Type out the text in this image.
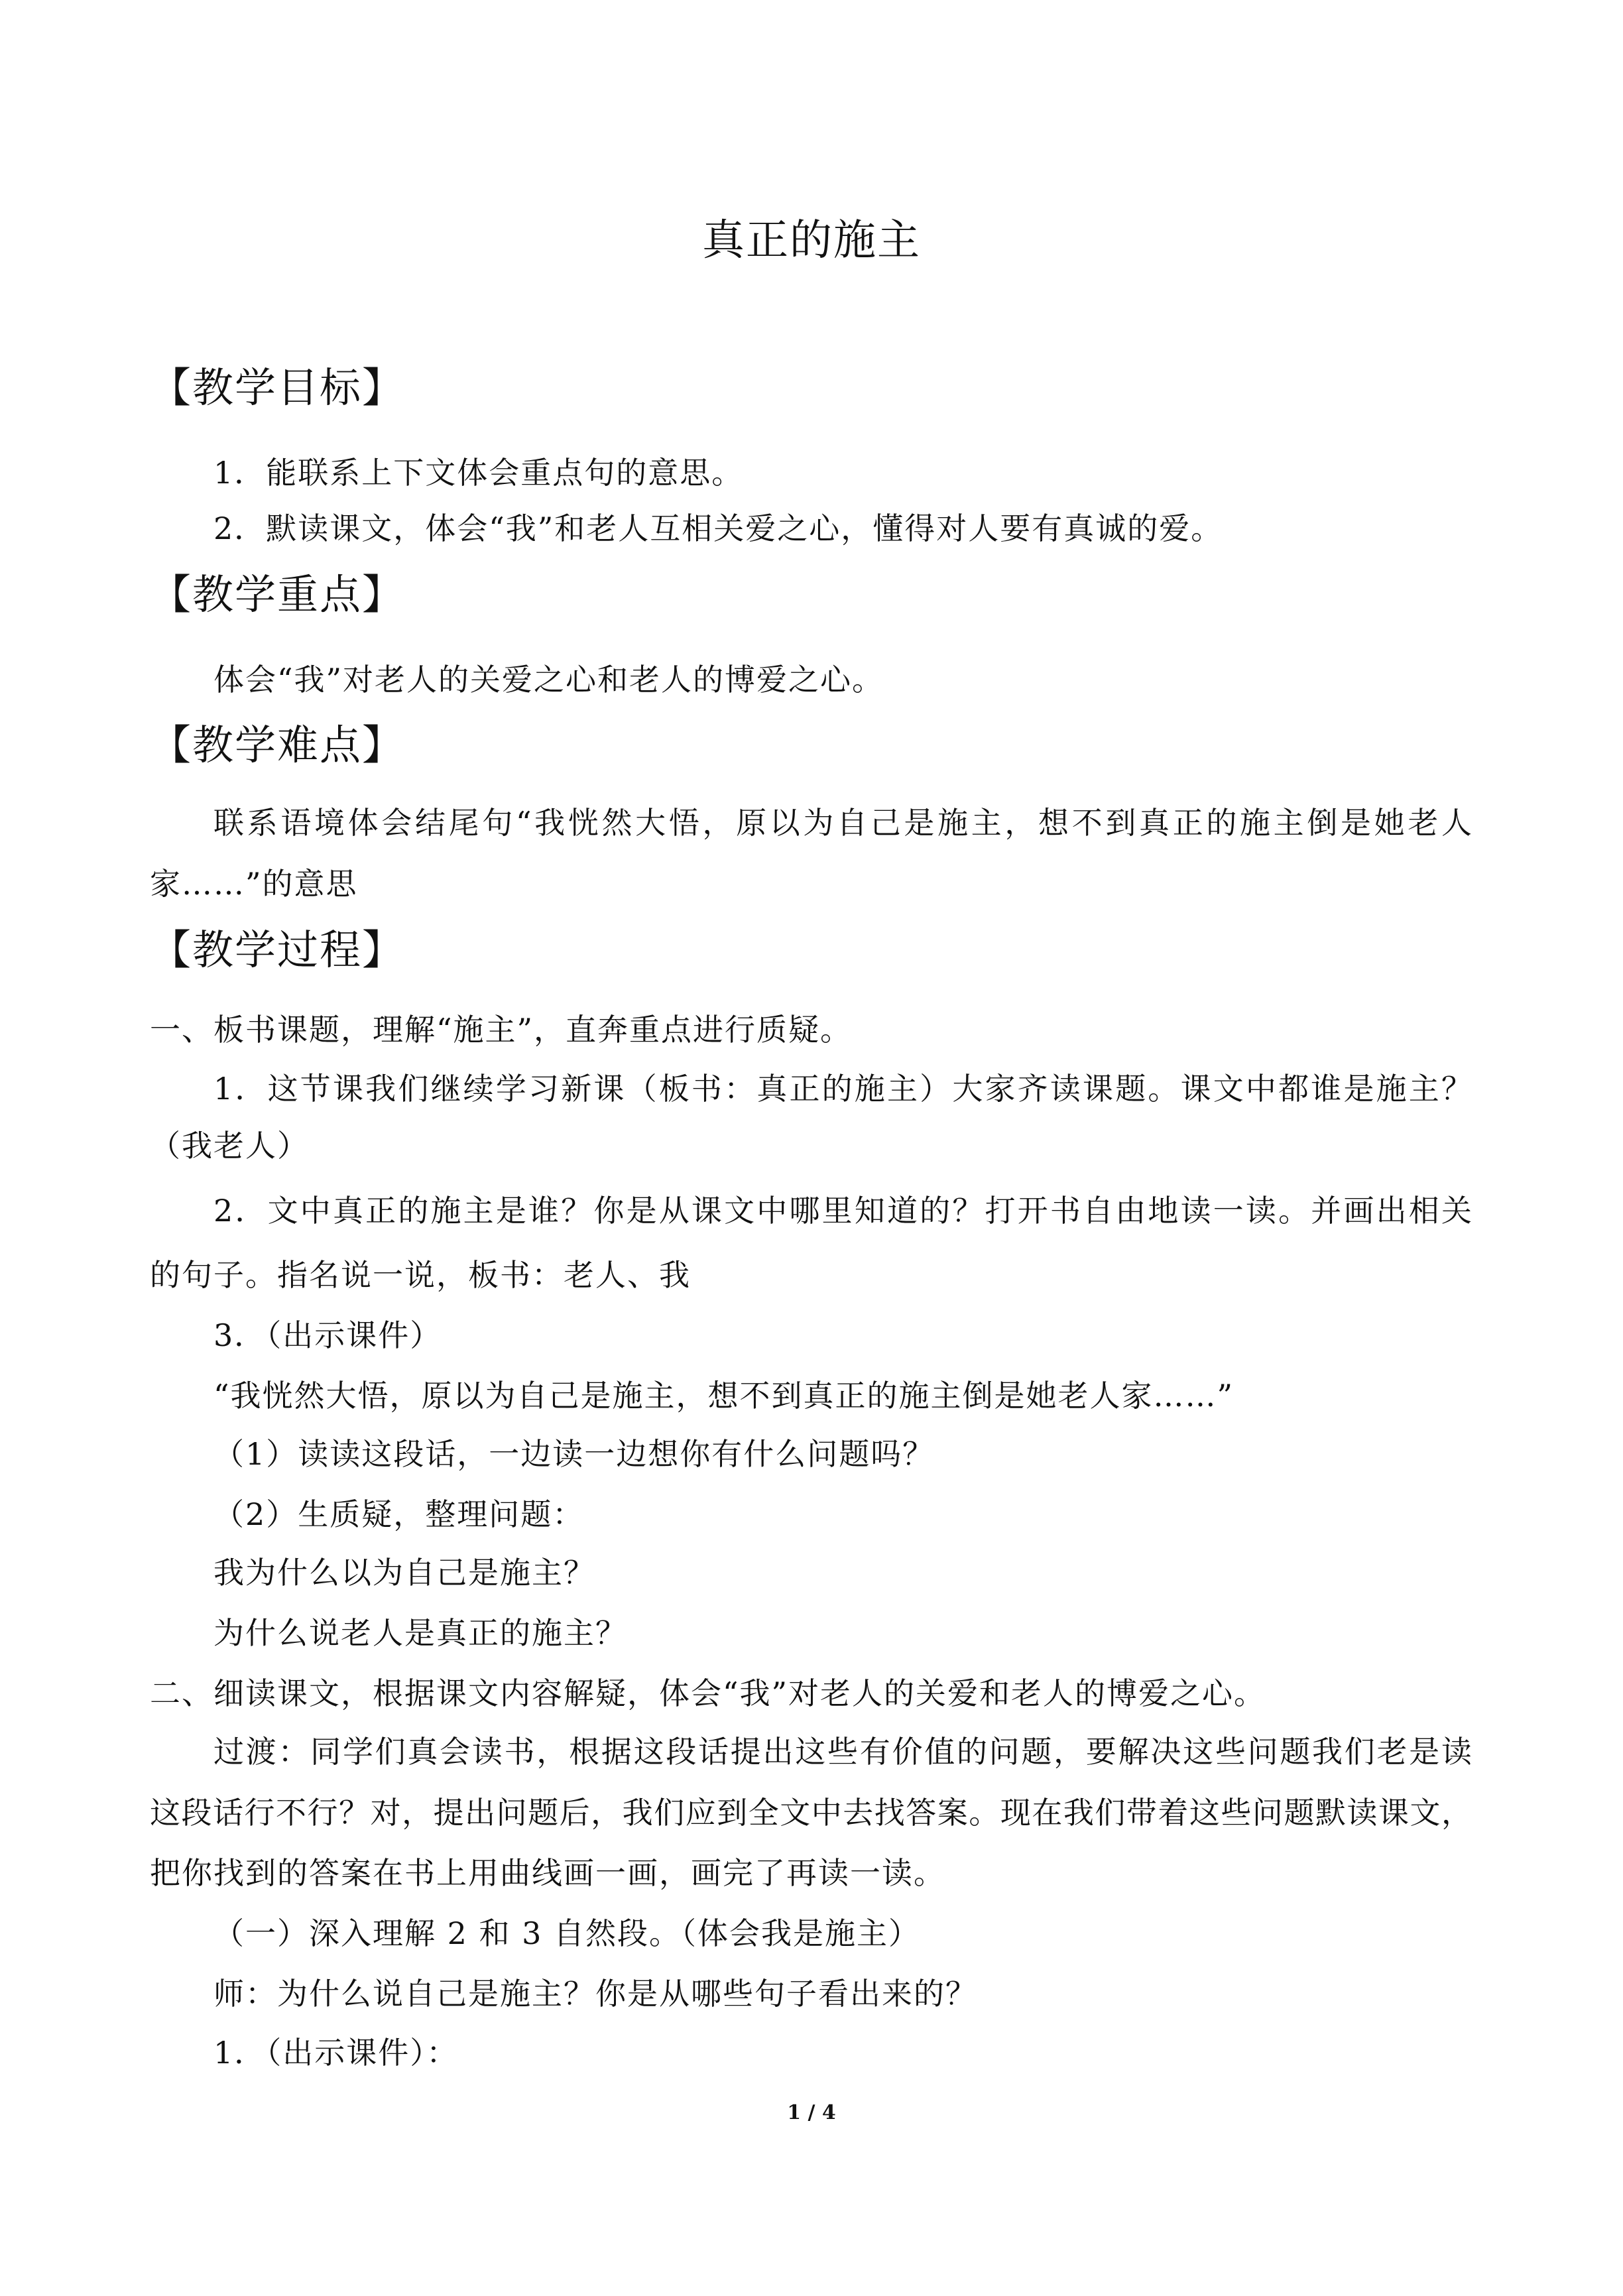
真正的施主
【教学目标】
1．能联系上下文体会重点句的意思。
2．默读课文，体会“我”和老人互相关爱之心，懂得对人要有真诚的爱。
【教学重点】
体会“我”对老人的关爱之心和老人的博爱之心。
【教学难点】
联系语境体会结尾句“我恍然大悟，原以为自己是施主，想不到真正的施主倒是她老人
家……”的意思
【教学过程】
一、板书课题，理解“施主”，直奔重点进行质疑。
1．这节课我们继续学习新课（板书：真正的施主）大家齐读课题。课文中都谁是施主？
（我老人）
2．文中真正的施主是谁？你是从课文中哪里知道的？打开书自由地读一读。并画出相关
的句子。指名说一说，板书：老人、我
3．（出示课件）
“我恍然大悟，原以为自己是施主，想不到真正的施主倒是她老人家……”
（1）读读这段话，一边读一边想你有什么问题吗？
（2）生质疑，整理问题：
我为什么以为自己是施主？
为什么说老人是真正的施主？
二、细读课文，根据课文内容解疑，体会“我”对老人的关爱和老人的博爱之心。
过渡：同学们真会读书，根据这段话提出这些有价值的问题，要解决这些问题我们老是读
这段话行不行？对，提出问题后，我们应到全文中去找答案。现在我们带着这些问题默读课文，
把你找到的答案在书上用曲线画一画，画完了再读一读。
（一）深入理解 2 和 3 自然段。（体会我是施主）
师：为什么说自己是施主？你是从哪些句子看出来的？
1．（出示课件）：
1 / 4
